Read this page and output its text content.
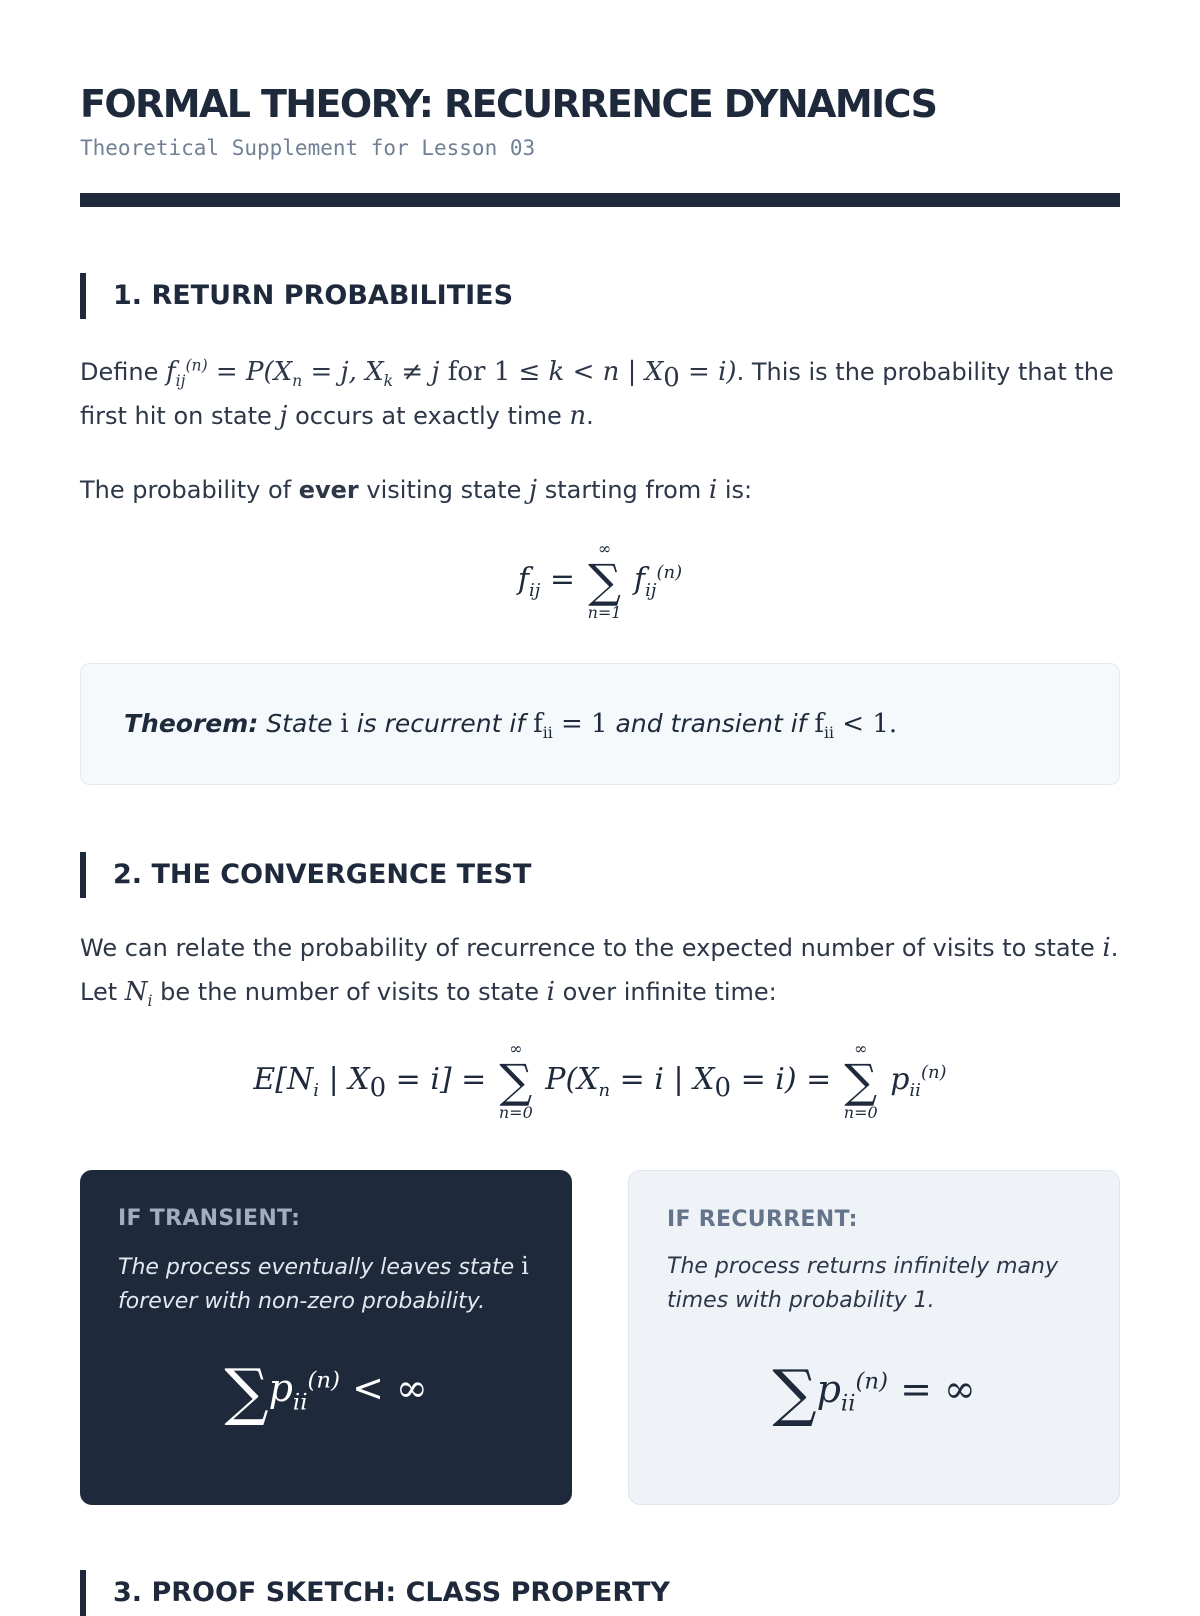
FORMAL THEORY: RECURRENCE DYNAMICS
Theoretical Supplement for Lesson 03
1. RETURN PROBABILITIES
Define $f_{ij}^{(n)} = P(X_n = j$, $X_k \ne j$ for 1 ≤ k < n | $X_0 = i$). This is the probability that the first hit on state j occurs at exactly time n.
The probability of ever visiting state j starting from i is:
$f_{ij}$ =
∞
∑
n=1
$f_{ij}^{(n)}$
Theorem: State i is recurrent if $f_{ii} = 1$ and transient if $f_{ii} < 1$.
2. THE CONVERGENCE TEST
We can relate the probability of recurrence to the expected number of visits to state i. Let $N_i$ be the number of visits to state i over infinite time:
$E[N_i$ | $X_0 = i$] =
∞
∑
n=0
$P(X_n = i$ | $X_0 = i$) =
∞
∑
n=0
$p_{ii}^{(n)}$
IF TRANSIENT:
The process eventually leaves state i forever with non-zero probability.
$\sum p_{ii}^{(n)}$ < ∞
IF RECURRENT:
The process returns infinitely many times with probability 1.
$\sum p_{ii}^{(n)}$ = ∞
3. PROOF SKETCH: CLASS PROPERTY
